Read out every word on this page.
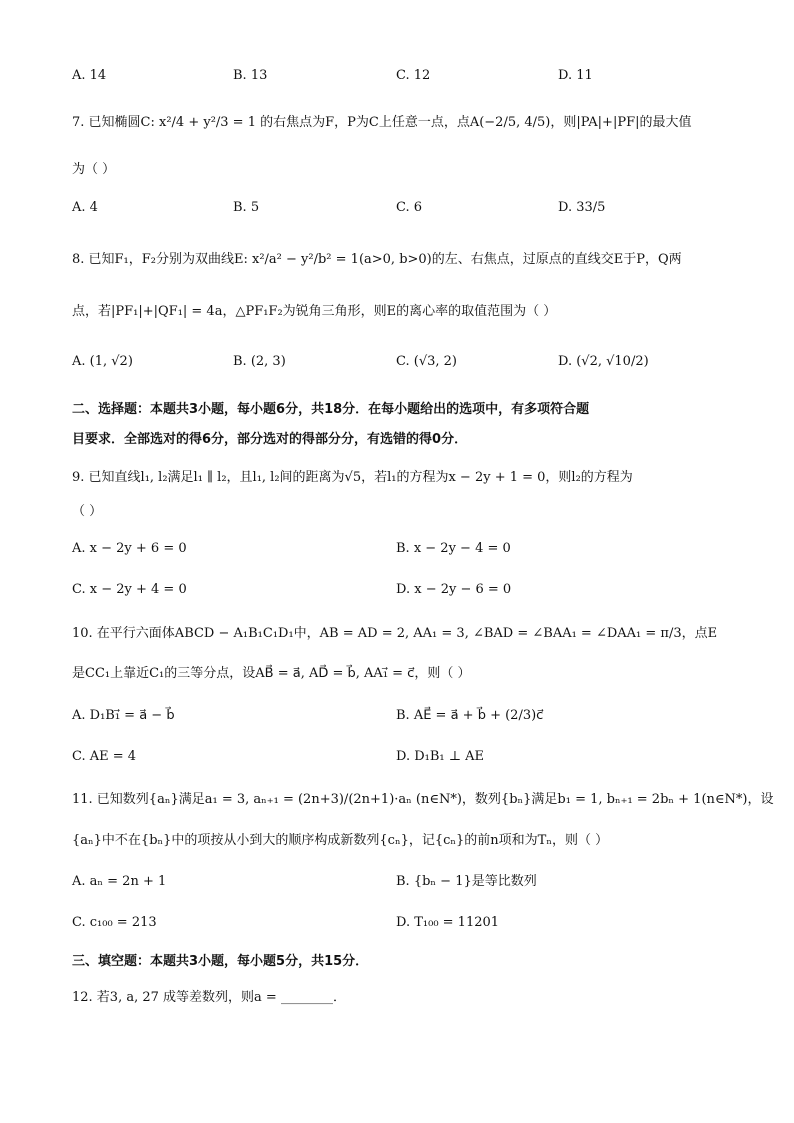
A. 14	B. 13	C. 12	D. 11
7. 已知椭圆C: x²/4 + y²/3 = 1 的右焦点为F，P为C上任意一点，点A(−2/5, 4/5)，则|PA|+|PF|的最大值
为（ ）
A. 4	B. 5	C. 6	D. 33/5
8. 已知F₁，F₂分别为双曲线E: x²/a² − y²/b² = 1(a>0, b>0)的左、右焦点，过原点的直线交E于P，Q两
点，若|PF₁|+|QF₁| = 4a，△PF₁F₂为锐角三角形，则E的离心率的取值范围为（ ）
A. (1, √2)	B. (2, 3)	C. (√3, 2)	D. (√2, √10/2)
二、选择题：本题共3小题，每小题6分，共18分．在每小题给出的选项中，有多项符合题
目要求．全部选对的得6分，部分选对的得部分分，有选错的得0分．
9. 已知直线l₁, l₂满足l₁ ∥ l₂，且l₁, l₂间的距离为√5，若l₁的方程为x − 2y + 1 = 0，则l₂的方程为
（ ）
A. x − 2y + 6 = 0	B. x − 2y − 4 = 0
C. x − 2y + 4 = 0	D. x − 2y − 6 = 0
10. 在平行六面体ABCD − A₁B₁C₁D₁中，AB = AD = 2, AA₁ = 3, ∠BAD = ∠BAA₁ = ∠DAA₁ = π/3，点E
是CC₁上靠近C₁的三等分点，设AB⃗ = a⃗, AD⃗ = b⃗, AA₁⃗ = c⃗，则（ ）
A. D₁B₁⃗ = a⃗ − b⃗	B. AE⃗ = a⃗ + b⃗ + (2/3)c⃗
C. AE = 4	D. D₁B₁ ⊥ AE
11. 已知数列{aₙ}满足a₁ = 3, aₙ₊₁ = (2n+3)/(2n+1)·aₙ (n∈N*)，数列{bₙ}满足b₁ = 1, bₙ₊₁ = 2bₙ + 1(n∈N*)，设
{aₙ}中不在{bₙ}中的项按从小到大的顺序构成新数列{cₙ}，记{cₙ}的前n项和为Tₙ，则（ ）
A. aₙ = 2n + 1	B. {bₙ − 1}是等比数列
C. c₁₀₀ = 213	D. T₁₀₀ = 11201
三、填空题：本题共3小题，每小题5分，共15分．
12. 若3, a, 27 成等差数列，则a = ________．
